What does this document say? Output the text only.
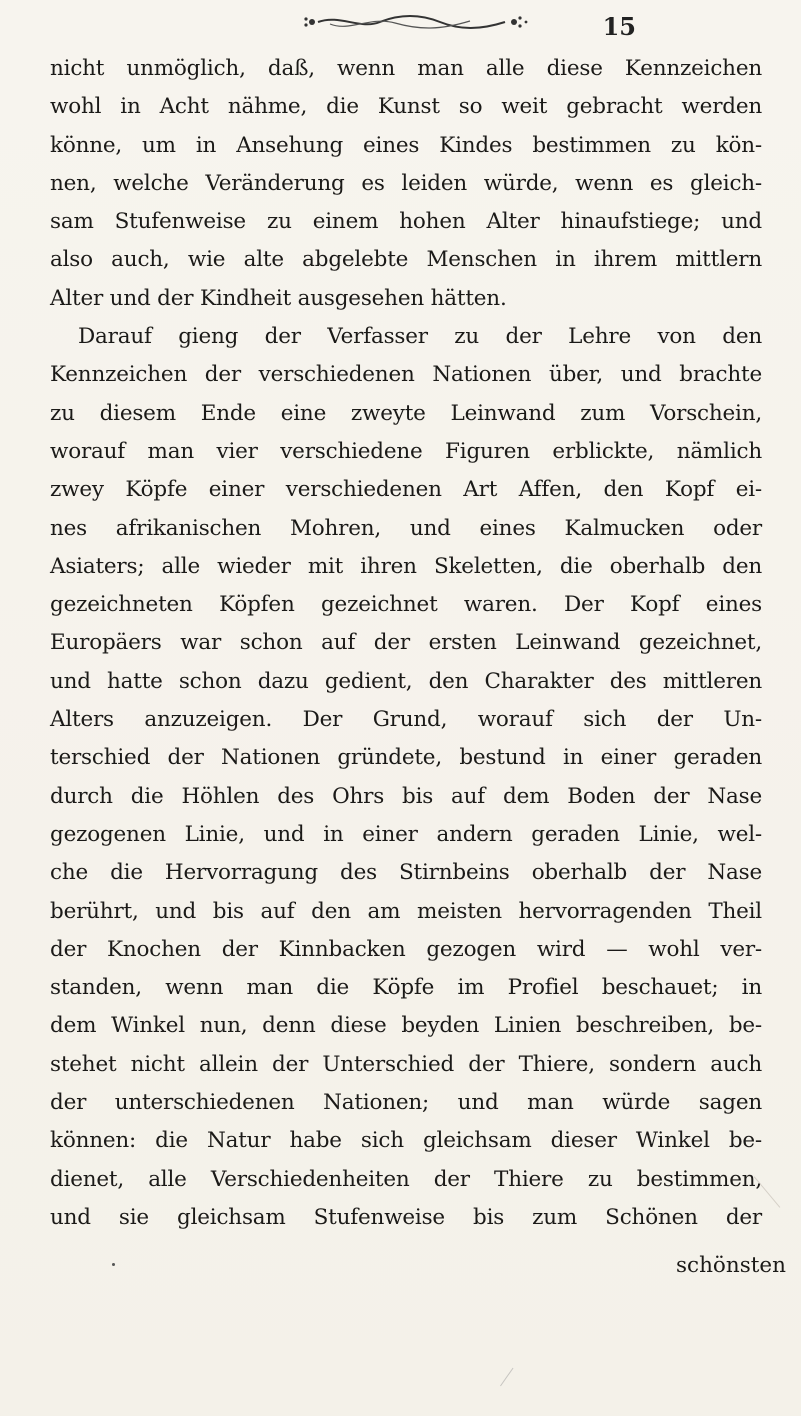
15
nicht unmöglich, daß, wenn man alle diese Kennzeichen
wohl in Acht nähme, die Kunst so weit gebracht werden
könne, um in Ansehung eines Kindes bestimmen zu kön-
nen, welche Veränderung es leiden würde, wenn es gleich-
sam Stufenweise zu einem hohen Alter hinaufstiege; und
also auch, wie alte abgelebte Menschen in ihrem mittlern
Alter und der Kindheit ausgesehen hätten.
Darauf gieng der Verfasser zu der Lehre von den
Kennzeichen der verschiedenen Nationen über, und brachte
zu diesem Ende eine zweyte Leinwand zum Vorschein,
worauf man vier verschiedene Figuren erblickte, nämlich
zwey Köpfe einer verschiedenen Art Affen, den Kopf ei-
nes afrikanischen Mohren, und eines Kalmucken oder
Asiaters; alle wieder mit ihren Skeletten, die oberhalb den
gezeichneten Köpfen gezeichnet waren. Der Kopf eines
Europäers war schon auf der ersten Leinwand gezeichnet,
und hatte schon dazu gedient, den Charakter des mittleren
Alters anzuzeigen. Der Grund, worauf sich der Un-
terschied der Nationen gründete, bestund in einer geraden
durch die Höhlen des Ohrs bis auf dem Boden der Nase
gezogenen Linie, und in einer andern geraden Linie, wel-
che die Hervorragung des Stirnbeins oberhalb der Nase
berührt, und bis auf den am meisten hervorragenden Theil
der Knochen der Kinnbacken gezogen wird — wohl ver-
standen, wenn man die Köpfe im Profiel beschauet; in
dem Winkel nun, denn diese beyden Linien beschreiben, be-
stehet nicht allein der Unterschied der Thiere, sondern auch
der unterschiedenen Nationen; und man würde sagen
können: die Natur habe sich gleichsam dieser Winkel be-
dienet, alle Verschiedenheiten der Thiere zu bestimmen,
und sie gleichsam Stufenweise bis zum Schönen der
schönsten
